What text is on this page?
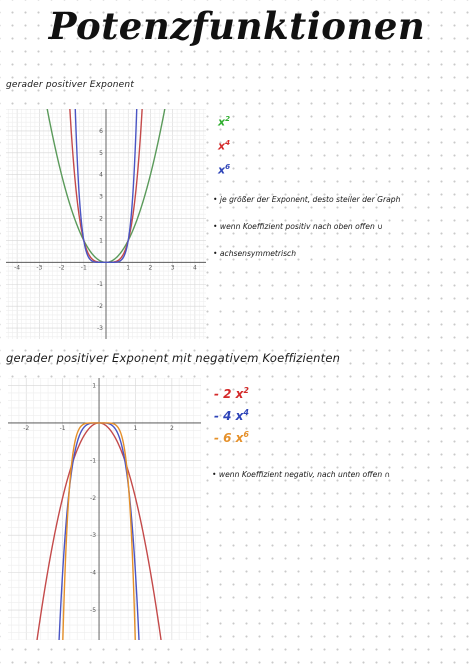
Potenzfunktionen
gerader positiver Exponent
-4	-3	-2	-1	1	2	3	4
6
5
4
3
2
1
-1
-2
-3
$x^2$
$x^4$
$x^6$
• je größer der Exponent, desto steiler der Graph
• wenn Koeffizient positiv nach oben offen ∪
• achsensymmetrisch
gerader positiver Exponent mit negativem Koeffizienten
-2	-1	1	2
1
-1
-2
-3
-4
-5
- 2 $x^2$
- 4 $x^4$
- 6 $x^6$
• wenn Koeffizient negativ, nach unten offen ∩
